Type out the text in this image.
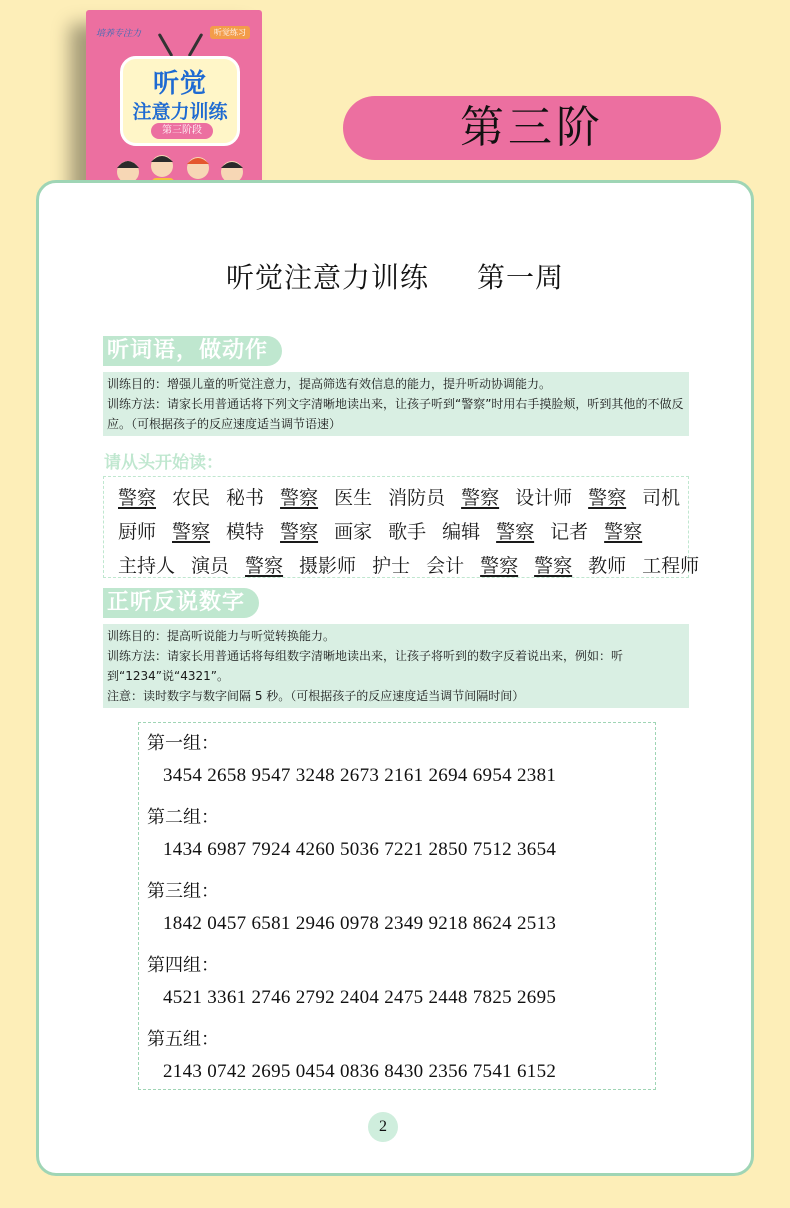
培养专注力	听觉练习
听觉
注意力训练
第三阶段	第三阶
听觉注意力训练 第一周
听词语，做动作
训练目的：增强儿童的听觉注意力，提高筛选有效信息的能力，提升听动协调能力。
训练方法：请家长用普通话将下列文字清晰地读出来，让孩子听到“警察”时用右手摸脸颊，听到其他的不做反应。（可根据孩子的反应速度适当调节语速）
请从头开始读：
警察 农民 秘书 警察 医生 消防员 警察 设计师 警察 司机
厨师 警察 模特 警察 画家 歌手 编辑 警察 记者 警察
主持人 演员 警察 摄影师 护士 会计 警察 警察 教师 工程师
正听反说数字
训练目的：提高听说能力与听觉转换能力。
训练方法：请家长用普通话将每组数字清晰地读出来，让孩子将听到的数字反着说出来，例如：听到“1234”说“4321”。
注意：读时数字与数字间隔 5 秒。（可根据孩子的反应速度适当调节间隔时间）
第一组：
3454 2658 9547 3248 2673 2161 2694 6954 2381
第二组：
1434 6987 7924 4260 5036 7221 2850 7512 3654
第三组：
1842 0457 6581 2946 0978 2349 9218 8624 2513
第四组：
4521 3361 2746 2792 2404 2475 2448 7825 2695
第五组：
2143 0742 2695 0454 0836 8430 2356 7541 6152
2
